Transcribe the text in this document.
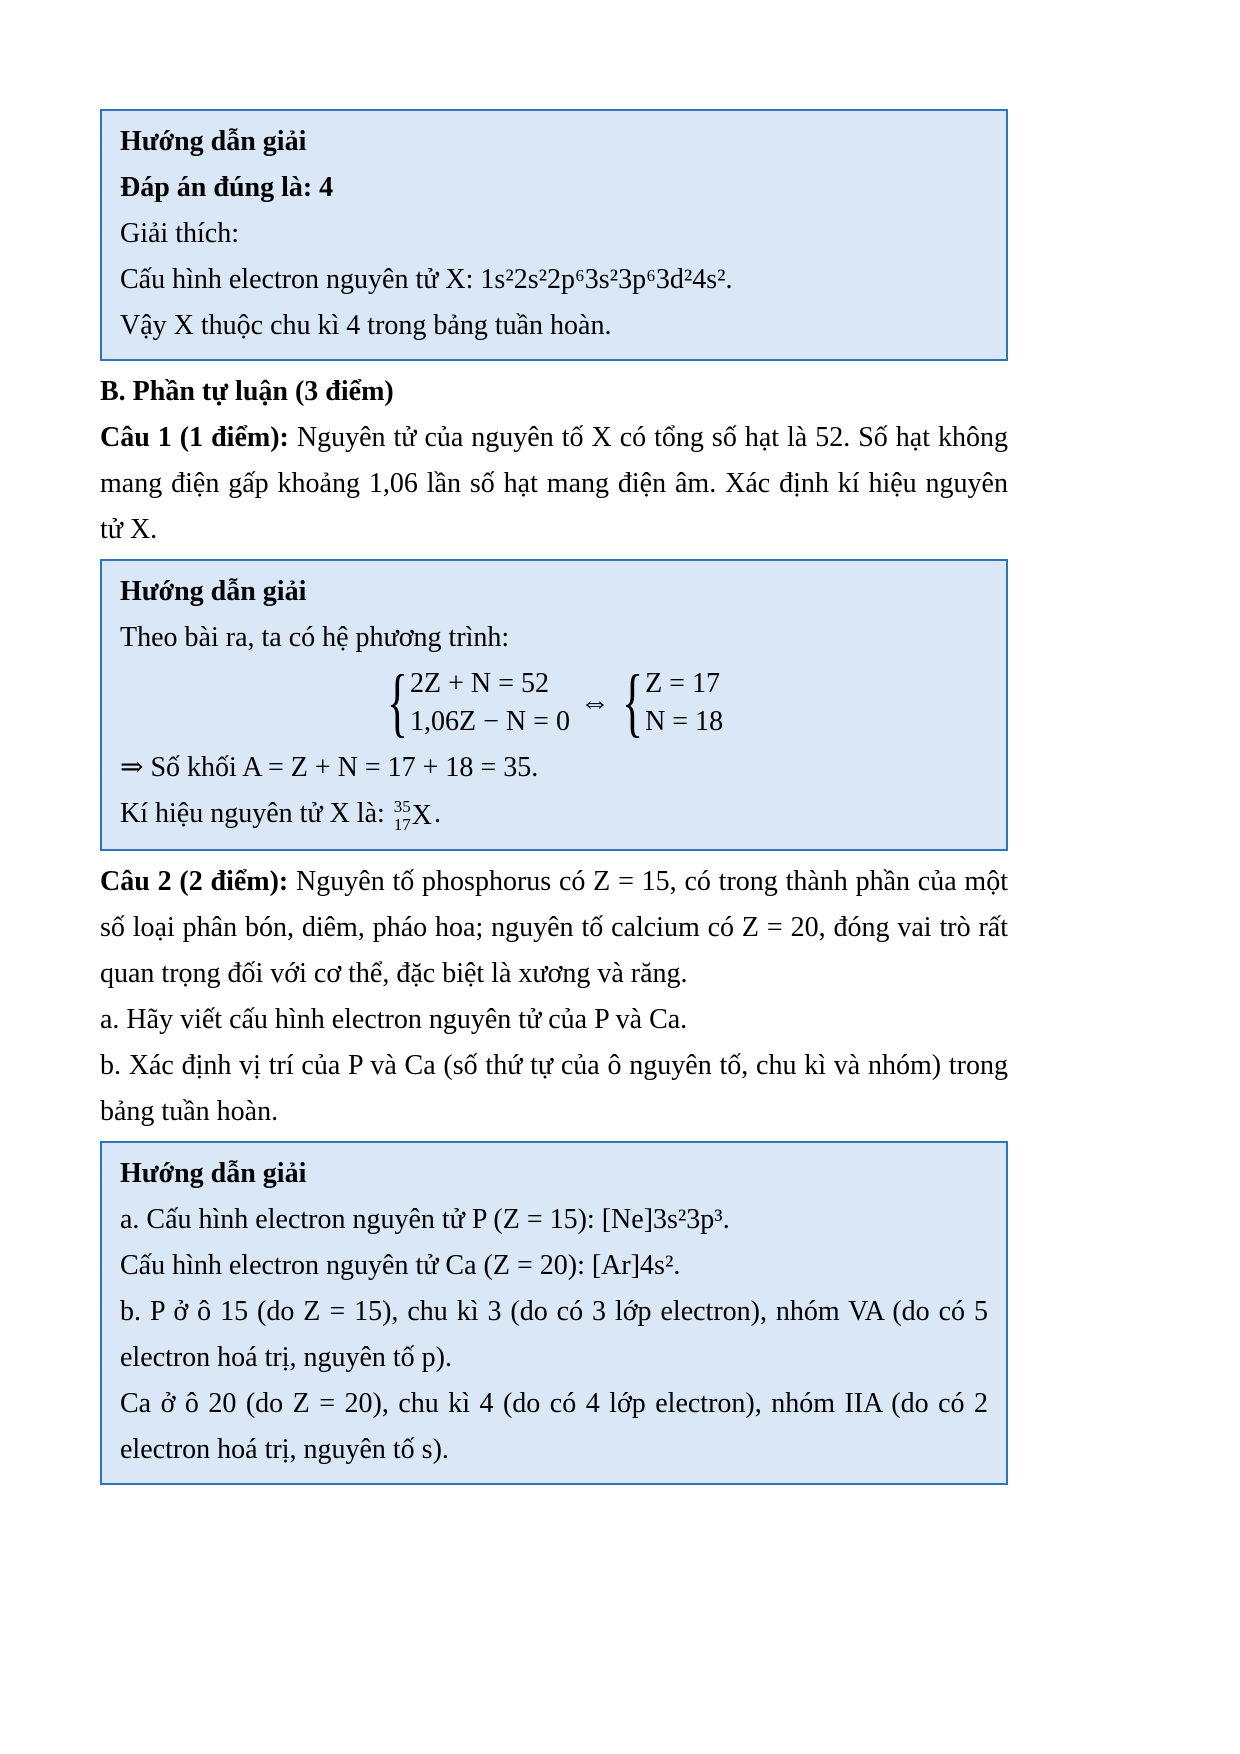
Hướng dẫn giải

Đáp án đúng là: 4

Giải thích:

Cấu hình electron nguyên tử X: 1s²2s²2p⁶3s²3p⁶3d²4s².

Vậy X thuộc chu kì 4 trong bảng tuần hoàn.

B. Phần tự luận (3 điểm)

Câu 1 (1 điểm): Nguyên tử của nguyên tố X có tổng số hạt là 52. Số hạt không mang điện gấp khoảng 1,06 lần số hạt mang điện âm. Xác định kí hiệu nguyên tử X.

Hướng dẫn giải

Theo bài ra, ta có hệ phương trình:

{ 2Z + N = 52
1,06Z − N = 0
⇔ { Z = 17
N = 18

⇒ Số khối A = Z + N = 17 + 18 = 35.

Kí hiệu nguyên tử X là: 35
17 X .

Câu 2 (2 điểm): Nguyên tố phosphorus có Z = 15, có trong thành phần của một số loại phân bón, diêm, pháo hoa; nguyên tố calcium có Z = 20, đóng vai trò rất quan trọng đối với cơ thể, đặc biệt là xương và răng.

a. Hãy viết cấu hình electron nguyên tử của P và Ca.

b. Xác định vị trí của P và Ca (số thứ tự của ô nguyên tố, chu kì và nhóm) trong bảng tuần hoàn.

Hướng dẫn giải

a. Cấu hình electron nguyên tử P (Z = 15): [Ne]3s²3p³.

Cấu hình electron nguyên tử Ca (Z = 20): [Ar]4s².

b. P ở ô 15 (do Z = 15), chu kì 3 (do có 3 lớp electron), nhóm VA (do có 5 electron hoá trị, nguyên tố p).

Ca ở ô 20 (do Z = 20), chu kì 4 (do có 4 lớp electron), nhóm IIA (do có 2 electron hoá trị, nguyên tố s).
